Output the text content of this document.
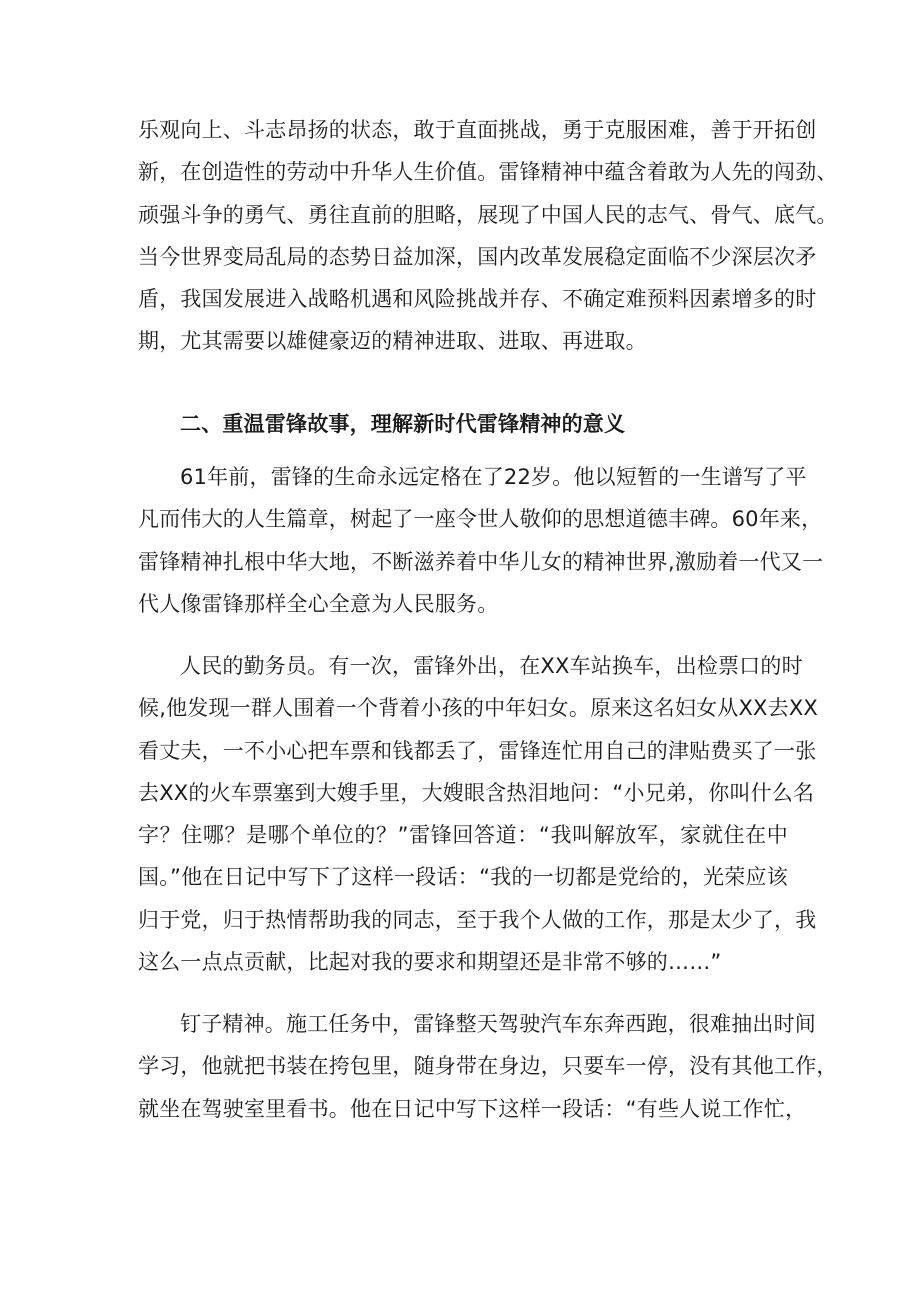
乐观向上、斗志昂扬的状态，敢于直面挑战，勇于克服困难，善于开拓创
新，在创造性的劳动中升华人生价值。雷锋精神中蕴含着敢为人先的闯劲、
顽强斗争的勇气、勇往直前的胆略，展现了中国人民的志气、骨气、底气。
当今世界变局乱局的态势日益加深，国内改革发展稳定面临不少深层次矛
盾，我国发展进入战略机遇和风险挑战并存、不确定难预料因素增多的时
期，尤其需要以雄健豪迈的精神进取、进取、再进取。
二、重温雷锋故事，理解新时代雷锋精神的意义
61年前，雷锋的生命永远定格在了22岁。他以短暂的一生谱写了平
凡而伟大的人生篇章，树起了一座令世人敬仰的思想道德丰碑。60年来，
雷锋精神扎根中华大地，不断滋养着中华儿女的精神世界,激励着一代又一
代人像雷锋那样全心全意为人民服务。
人民的勤务员。有一次，雷锋外出，在XX车站换车，出检票口的时
候,他发现一群人围着一个背着小孩的中年妇女。原来这名妇女从XX去XX
看丈夫，一不小心把车票和钱都丢了，雷锋连忙用自己的津贴费买了一张
去XX的火车票塞到大嫂手里，大嫂眼含热泪地问：“小兄弟，你叫什么名
字？住哪？是哪个单位的？”雷锋回答道：“我叫解放军，家就住在中
国。”他在日记中写下了这样一段话：“我的一切都是党给的，光荣应该
归于党，归于热情帮助我的同志，至于我个人做的工作，那是太少了，我
这么一点点贡献，比起对我的要求和期望还是非常不够的……”
钉子精神。施工任务中，雷锋整天驾驶汽车东奔西跑，很难抽出时间
学习，他就把书装在挎包里，随身带在身边，只要车一停，没有其他工作，
就坐在驾驶室里看书。他在日记中写下这样一段话：“有些人说工作忙，
